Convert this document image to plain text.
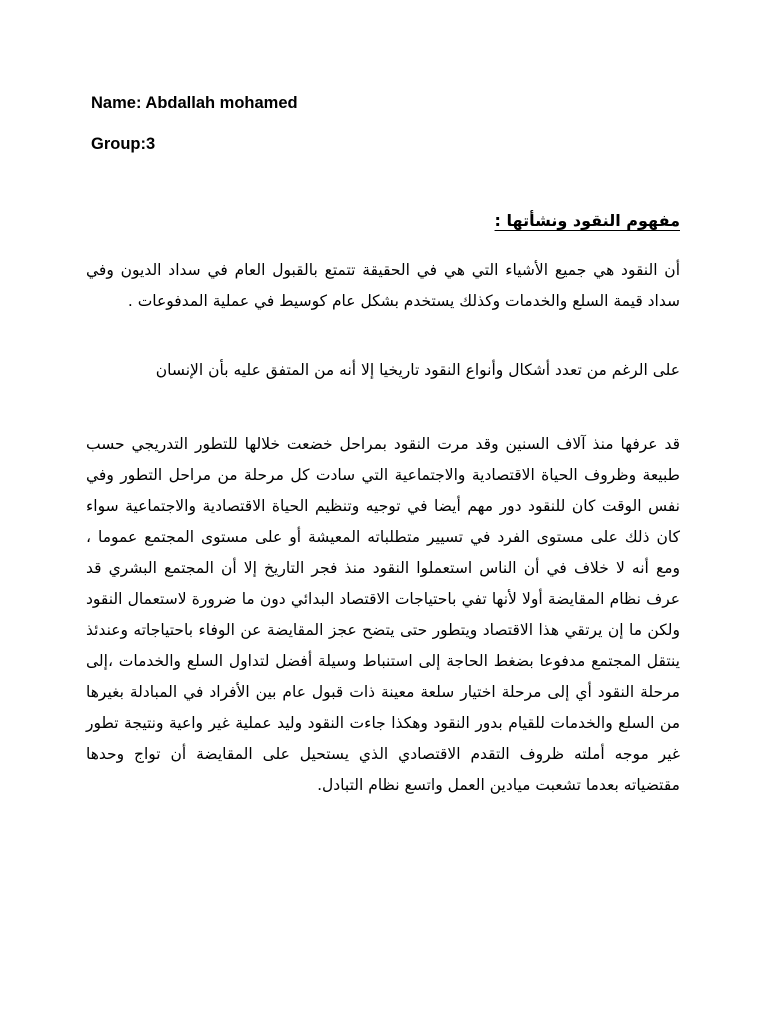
Name: Abdallah mohamed
Group:3
مفهوم النقود ونشأتها :

أن النقود هي جميع الأشياء التي هي في الحقيقة تتمتع بالقبول العام في سداد الديون وفي سداد قيمة السلع والخدمات وكذلك يستخدم بشكل عام كوسيط في عملية المدفوعات .

على الرغم من تعدد أشكال وأنواع النقود تاريخيا إلا أنه من المتفق عليه بأن الإنسان

قد عرفها منذ آلاف السنين وقد مرت النقود بمراحل خضعت خلالها للتطور التدريجي حسب طبيعة وظروف الحياة الاقتصادية والاجتماعية التي سادت كل مرحلة من مراحل التطور وفي نفس الوقت كان للنقود دور مهم أيضا في توجيه وتنظيم الحياة الاقتصادية والاجتماعية سواء كان ذلك على مستوى الفرد في تسيير متطلباته المعيشة أو على مستوى المجتمع عموما ، ومع أنه لا خلاف في أن الناس استعملوا النقود منذ فجر التاريخ إلا أن المجتمع البشري قد عرف نظام المقايضة أولا لأنها تفي باحتياجات الاقتصاد البدائي دون ما ضرورة لاستعمال النقود ولكن ما إن يرتقي هذا الاقتصاد ويتطور حتى يتضح عجز المقايضة عن الوفاء باحتياجاته وعندئذ ينتقل المجتمع مدفوعا بضغط الحاجة إلى استنباط وسيلة أفضل لتداول السلع والخدمات ،إلى مرحلة النقود أي إلى مرحلة اختيار سلعة معينة ذات قبول عام بين الأفراد في المبادلة بغيرها من السلع والخدمات للقيام بدور النقود وهكذا جاءت النقود وليد عملية غير واعية ونتيجة تطور غير موجه أملته ظروف التقدم الاقتصادي الذي يستحيل على المقايضة أن تواج وحدها مقتضياته بعدما تشعبت ميادين العمل واتسع نظام التبادل.
